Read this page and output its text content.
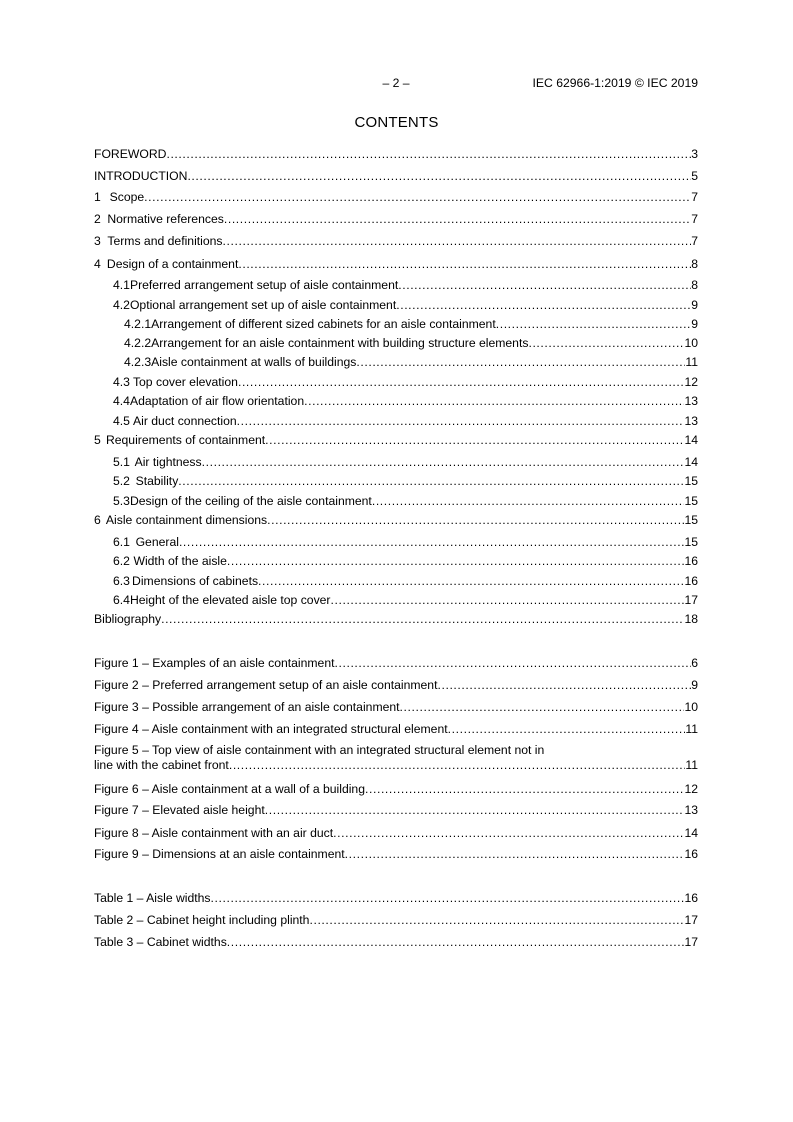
– 2 –	IEC 62966-1:2019 © IEC 2019
CONTENTS
FOREWORD .....	3
INTRODUCTION .....	5
1 Scope .....	7
2 Normative references .....	7
3 Terms and definitions .....	7
4 Design of a containment .....	8
4.1 Preferred arrangement setup of aisle containment .....	8
4.2 Optional arrangement set up of aisle containment .....	9
4.2.1 Arrangement of different sized cabinets for an aisle containment .....	9
4.2.2 Arrangement for an aisle containment with building structure elements .....	10
4.2.3 Aisle containment at walls of buildings .....	11
4.3 Top cover elevation .....	12
4.4 Adaptation of air flow orientation .....	13
4.5 Air duct connection .....	13
5 Requirements of containment .....	14
5.1 Air tightness .....	14
5.2 Stability .....	15
5.3 Design of the ceiling of the aisle containment .....	15
6 Aisle containment dimensions .....	15
6.1 General .....	15
6.2 Width of the aisle .....	16
6.3 Dimensions of cabinets .....	16
6.4 Height of the elevated aisle top cover .....	17
Bibliography .....	18
Figure 1 – Examples of an aisle containment .....	6
Figure 2 – Preferred arrangement setup of an aisle containment .....	9
Figure 3 – Possible arrangement of an aisle containment .....	10
Figure 4 – Aisle containment with an integrated structural element .....	11
Figure 5 – Top view of aisle containment with an integrated structural element not in
line with the cabinet front .....	11
Figure 6 – Aisle containment at a wall of a building .....	12
Figure 7 – Elevated aisle height .....	13
Figure 8 – Aisle containment with an air duct .....	14
Figure 9 – Dimensions at an aisle containment .....	16
Table 1 – Aisle widths .....	16
Table 2 – Cabinet height including plinth .....	17
Table 3 – Cabinet widths .....	17
